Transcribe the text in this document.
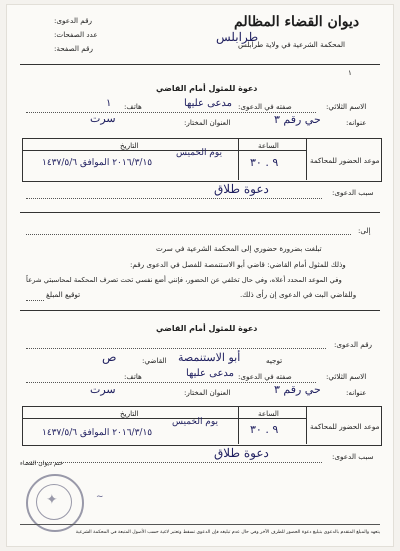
ديوان القضاء المظالم
طرابلس
المحكمة الشرعية في ولاية طرابلس
رقم الدعوى:
عدد الصفحات:
رقم الصفحة:
١
دعوة للمثول أمام القاضي
الاسم الثلاثي:
صفته في الدعوى:
مدعى عليها
هاتف:
١
عنوانه:
حي رقم ٣
العنوان المختار:
سرت
موعد الحضور للمحاكمة
الساعة
التاريخ
٩ . ٣٠
يوم الخميس
٢٠١٦/٣/١٥ الموافق ١٤٣٧/٥/٦
سبب الدعوى:
دعوة طلاق
إلى:
تبلغت بضرورة حضوري إلى المحكمة الشرعية في سرت
وذلك للمثول أمام القاضي: قاضي أبو الاستنمصة للفصل في الدعوى رقم:
وفي الموعد المحدد أعلاه، وفي حال تخلفي عن الحضور، فإنني أضع نفسي تحت تصرف المحكمة لمحاسبتي شرعاً
وللقاضي البت في الدعوى إن رأى ذلك.
توقيع المبلغ
دعوة للمثول أمام القاضي
رقم الدعوى:
توجيه
أبو الاستنمصة
القاضي:
ص
الاسم الثلاثي:
صفته في الدعوى:
مدعى عليها
هاتف:
عنوانه:
حي رقم ٣
العنوان المختار:
سرت
موعد الحضور للمحاكمة
الساعة
التاريخ
٩ . ٣٠
يوم الخميس
٢٠١٦/٣/١٥ الموافق ١٤٣٧/٥/٦
سبب الدعوى:
دعوة طلاق
ختم ديوان القضاء
✦	~
يتعهد والمبلغ المتقدم بالدعوى بتبليغ دعوة الحضور للطرف الآخر وفي حال عدم تبليغه فإن الدعوى تسقط وتعتبر لاغية حسب الأصول المتبعة في المحكمة الشرعية
